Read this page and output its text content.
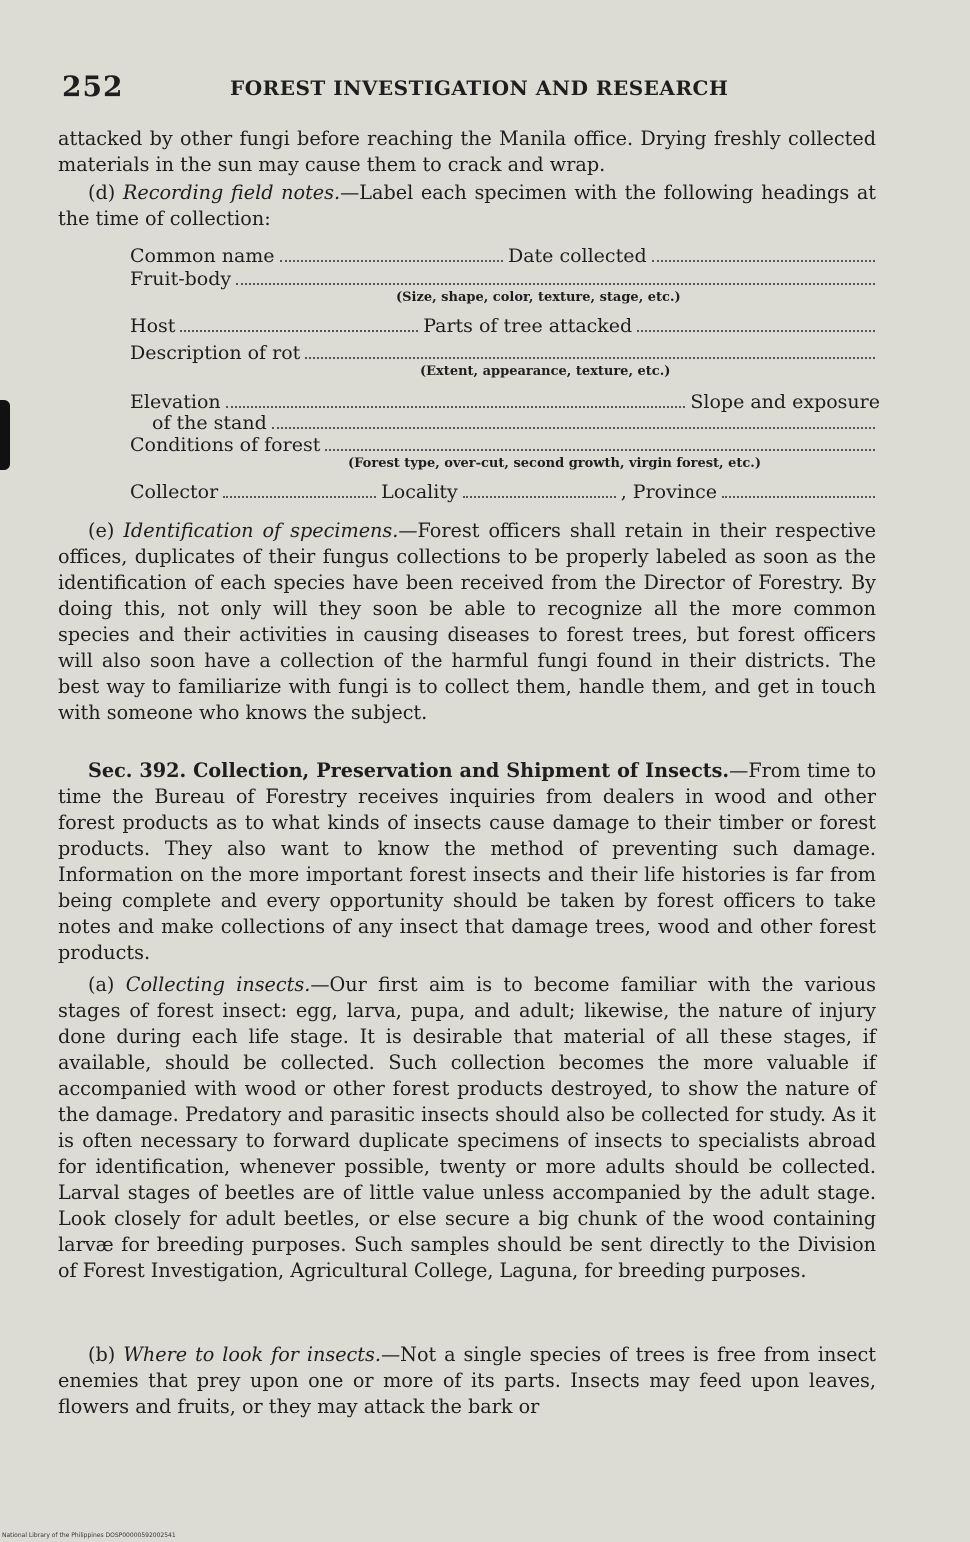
252	FOREST INVESTIGATION AND RESEARCH

attacked by other fungi before reaching the Manila office. Drying freshly collected materials in the sun may cause them to crack and wrap.

(d) Recording field notes.—Label each specimen with the following headings at the time of collection:

Common name	Date collected
Fruit-body
(Size, shape, color, texture, stage, etc.)
Host	Parts of tree attacked
Description of rot
(Extent, appearance, texture, etc.)
Elevation	Slope and exposure
of the stand
Conditions of forest
(Forest type, over-cut, second growth, virgin forest, etc.)
Collector	Locality	, Province

(e) Identification of specimens.—Forest officers shall retain in their respective offices, duplicates of their fungus collections to be properly labeled as soon as the identification of each species have been received from the Director of Forestry. By doing this, not only will they soon be able to recognize all the more common species and their activities in causing diseases to forest trees, but forest officers will also soon have a collection of the harmful fungi found in their districts. The best way to familiarize with fungi is to collect them, handle them, and get in touch with someone who knows the subject.

Sec. 392. Collection, Preservation and Shipment of Insects.—From time to time the Bureau of Forestry receives inquiries from dealers in wood and other forest products as to what kinds of insects cause damage to their timber or forest products. They also want to know the method of preventing such damage. Information on the more important forest insects and their life histories is far from being complete and every opportunity should be taken by forest officers to take notes and make collections of any insect that damage trees, wood and other forest products.

(a) Collecting insects.—Our first aim is to become familiar with the various stages of forest insect: egg, larva, pupa, and adult; likewise, the nature of injury done during each life stage. It is desirable that material of all these stages, if available, should be collected. Such collection becomes the more valuable if accompanied with wood or other forest products destroyed, to show the nature of the damage. Predatory and parasitic insects should also be collected for study. As it is often necessary to forward duplicate specimens of insects to specialists abroad for identification, whenever possible, twenty or more adults should be collected. Larval stages of beetles are of little value unless accompanied by the adult stage. Look closely for adult beetles, or else secure a big chunk of the wood containing larvæ for breeding purposes. Such samples should be sent directly to the Division of Forest Investigation, Agricultural College, Laguna, for breeding purposes.

(b) Where to look for insects.—Not a single species of trees is free from insect enemies that prey upon one or more of its parts. Insects may feed upon leaves, flowers and fruits, or they may attack the bark or

National Library of the Philippines DOSP00000592002541
